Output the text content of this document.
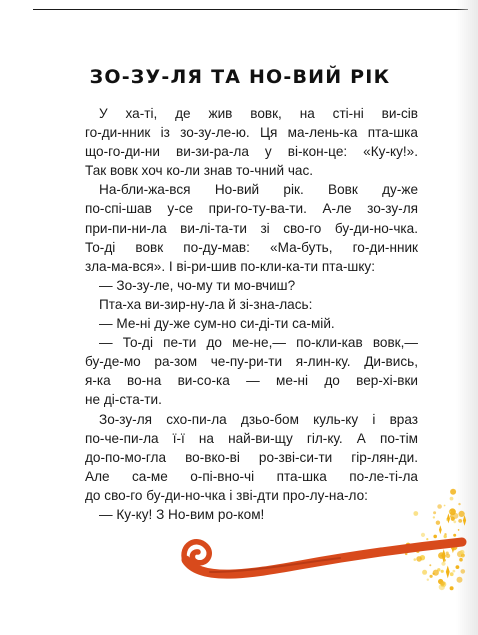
ЗО-ЗУ-ЛЯ ТА НО-ВИЙ РІК
У ха-ті, де жив вовк, на сті-ні ви-сів
го-ди-нник із зо-зу-ле-ю. Ця ма-лень-ка пта-шка
що-го-ди-ни ви-зи-ра-ла у ві-кон-це: «Ку-ку!».
Так вовк хоч ко-ли знав то-чний час.
На-бли-жа-вся Но-вий рік. Вовк ду-же
по-спі-шав у-се при-го-ту-ва-ти. А-ле зо-зу-ля
при-пи-ни-ла ви-лі-та-ти зі сво-го бу-ди-но-чка.
То-ді вовк по-ду-мав: «Ма-буть, го-ди-нник
зла-ма-вся». І ві-ри-шив по-кли-ка-ти пта-шку:
— Зо-зу-ле, чо-му ти мо-вчиш?
Пта-ха ви-зир-ну-ла й зі-зна-лась:
— Ме-ні ду-же сум-но си-ді-ти са-мій.
— То-ді пе-ти до ме-не,— по-кли-кав вовк,—
бу-де-мо ра-зом че-пу-ри-ти я-лин-ку. Ди-вись,
я-ка во-на ви-со-ка — ме-ні до вер-хі-вки
не ді-ста-ти.
Зо-зу-ля схо-пи-ла дзьо-бом куль-ку і враз
по-че-пи-ла ї-ї на най-ви-щу гіл-ку. А по-тім
до-по-мо-гла во-вко-ві ро-зві-си-ти гір-лян-ди.
Але са-ме о-пі-вно-чі пта-шка по-ле-ті-ла
до сво-го бу-ди-но-чка і зві-дти про-лу-на-ло:
— Ку-ку! З Но-вим ро-ком!
